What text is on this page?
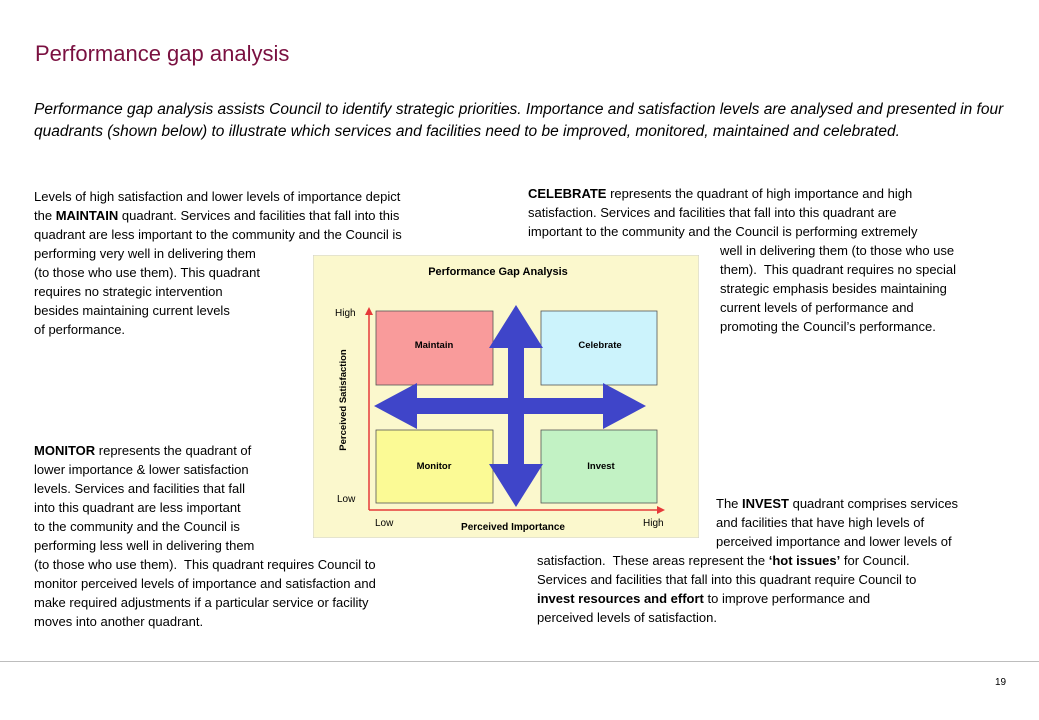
Performance gap analysis
Performance gap analysis assists Council to identify strategic priorities. Importance and satisfaction levels are analysed and presented in four quadrants (shown below) to illustrate which services and facilities need to be improved, monitored, maintained and celebrated.
Levels of high satisfaction and lower levels of importance depict
the MAINTAIN quadrant. Services and facilities that fall into this
quadrant are less important to the community and the Council is
performing very well in delivering them
(to those who use them). This quadrant
requires no strategic intervention
besides maintaining current levels
of performance.
CELEBRATE represents the quadrant of high importance and high
satisfaction. Services and facilities that fall into this quadrant are
important to the community and the Council is performing extremely
well in delivering them (to those who use
them).  This quadrant requires no special
strategic emphasis besides maintaining
current levels of performance and
promoting the Council’s performance.
MONITOR represents the quadrant of
lower importance & lower satisfaction
levels. Services and facilities that fall
into this quadrant are less important
to the community and the Council is
performing less well in delivering them
(to those who use them).  This quadrant requires Council to
monitor perceived levels of importance and satisfaction and
make required adjustments if a particular service or facility
moves into another quadrant.
The INVEST quadrant comprises services
and facilities that have high levels of
perceived importance and lower levels of
satisfaction.  These areas represent the ‘hot issues’ for Council.
Services and facilities that fall into this quadrant require Council to
invest resources and effort to improve performance and
perceived levels of satisfaction.
Performance Gap Analysis
High
Low
Low	High
Perceived Satisfaction
Perceived Importance
Maintain	Celebrate
Monitor	Invest
19
